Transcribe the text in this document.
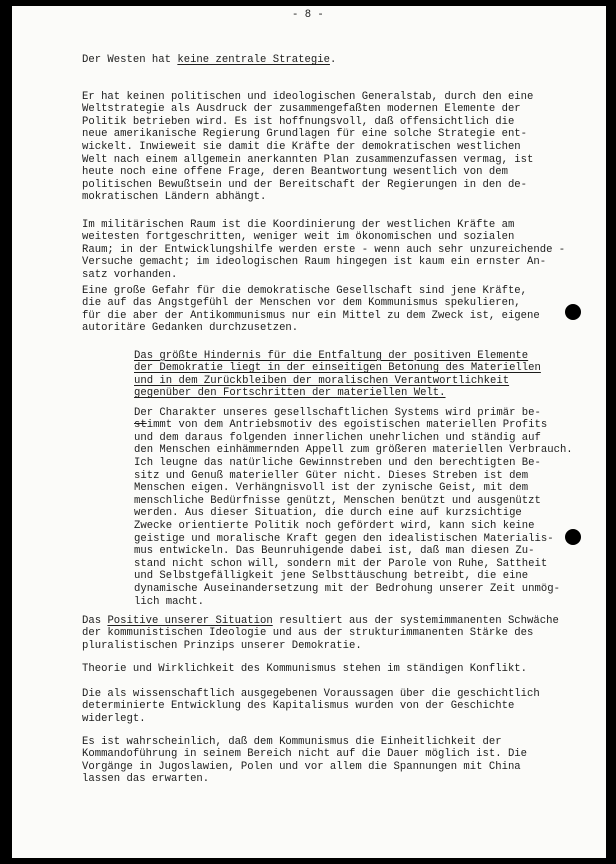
- 8 -
Der Westen hat keine zentrale Strategie.

Er hat keinen politischen und ideologischen Generalstab, durch den eine
Weltstrategie als Ausdruck der zusammengefaßten modernen Elemente der
Politik betrieben wird. Es ist hoffnungsvoll, daß offensichtlich die
neue amerikanische Regierung Grundlagen für eine solche Strategie ent-
wickelt. Inwieweit sie damit die Kräfte der demokratischen westlichen
Welt nach einem allgemein anerkannten Plan zusammenzufassen vermag, ist
heute noch eine offene Frage, deren Beantwortung wesentlich von dem
politischen Bewußtsein und der Bereitschaft der Regierungen in den de-
mokratischen Ländern abhängt.

Im militärischen Raum ist die Koordinierung der westlichen Kräfte am
weitesten fortgeschritten, weniger weit im ökonomischen und sozialen
Raum; in der Entwicklungshilfe werden erste - wenn auch sehr unzureichende -
Versuche gemacht; im ideologischen Raum hingegen ist kaum ein ernster An-
satz vorhanden.

Eine große Gefahr für die demokratische Gesellschaft sind jene Kräfte,
die auf das Angstgefühl der Menschen vor dem Kommunismus spekulieren,
für die aber der Antikommunismus nur ein Mittel zu dem Zweck ist, eigene
autoritäre Gedanken durchzusetzen.

Das größte Hindernis für die Entfaltung der positiven Elemente
der Demokratie liegt in der einseitigen Betonung des Materiellen
und in dem Zurückbleiben der moralischen Verantwortlichkeit
gegenüber den Fortschritten der materiellen Welt.

Der Charakter unseres gesellschaftlichen Systems wird primär be-
stimmt von dem Antriebsmotiv des egoistischen materiellen Profits
und dem daraus folgenden innerlichen unehrlichen und ständig auf
den Menschen einhämmernden Appell zum größeren materiellen Verbrauch.
Ich leugne das natürliche Gewinnstreben und den berechtigten Be-
sitz und Genuß materieller Güter nicht. Dieses Streben ist dem
Menschen eigen. Verhängnisvoll ist der zynische Geist, mit dem
menschliche Bedürfnisse genützt, Menschen benützt und ausgenützt
werden. Aus dieser Situation, die durch eine auf kurzsichtige
Zwecke orientierte Politik noch gefördert wird, kann sich keine
geistige und moralische Kraft gegen den idealistischen Materialis-
mus entwickeln. Das Beunruhigende dabei ist, daß man diesen Zu-
stand nicht schon will, sondern mit der Parole von Ruhe, Sattheit
und Selbstgefälligkeit jene Selbsttäuschung betreibt, die eine
dynamische Auseinandersetzung mit der Bedrohung unserer Zeit unmög-
lich macht.

Das Positive unserer Situation resultiert aus der systemimmanenten Schwäche
der kommunistischen Ideologie und aus der strukturimmanenten Stärke des
pluralistischen Prinzips unserer Demokratie.

Theorie und Wirklichkeit des Kommunismus stehen im ständigen Konflikt.

Die als wissenschaftlich ausgegebenen Voraussagen über die geschichtlich
determinierte Entwicklung des Kapitalismus wurden von der Geschichte
widerlegt.

Es ist wahrscheinlich, daß dem Kommunismus die Einheitlichkeit der
Kommandoführung in seinem Bereich nicht auf die Dauer möglich ist. Die
Vorgänge in Jugoslawien, Polen und vor allem die Spannungen mit China
lassen das erwarten.
